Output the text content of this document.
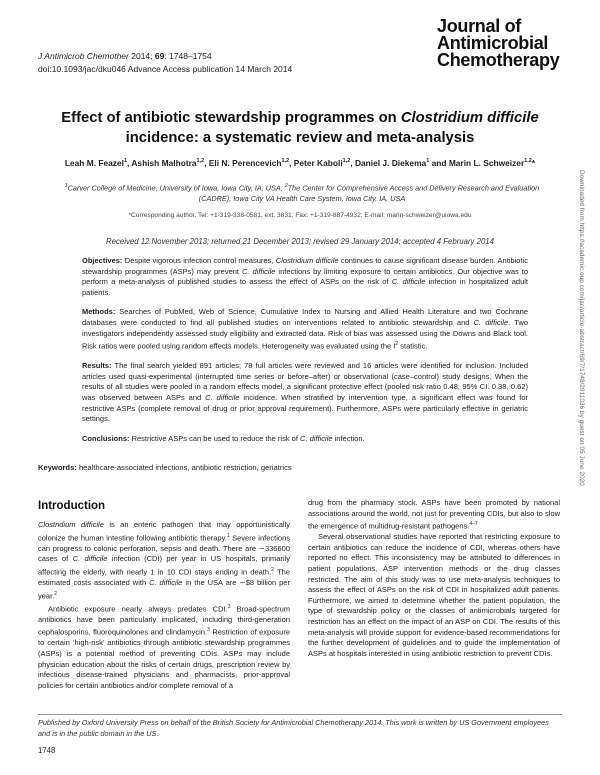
J Antimicrob Chemother 2014; 69: 1748–1754
doi:10.1093/jac/dku046 Advance Access publication 14 March 2014
Journal of
Antimicrobial
Chemotherapy
Downloaded from https://academic.oup.com/jac/article-abstract/69/7/1748/2911036 by guest on 05 June 2020
Effect of antibiotic stewardship programmes on Clostridium difficile incidence: a systematic review and meta-analysis
Leah M. Feazel$^1$, Ashish Malhotra$^{1,2}$, Eli N. Perencevich$^{1,2}$, Peter Kaboli$^{1,2}$, Daniel J. Diekema$^1$ and Marin L. Schweizer$^{1,2}$*
$^1$Carver College of Medicine, University of Iowa, Iowa City, IA, USA; $^2$The Center for Comprehensive Access and Delivery Research and Evaluation (CADRE), Iowa City VA Health Care System, Iowa City, IA, USA
*Corresponding author. Tel: +1-319-338-0581, ext. 3831; Fax: +1-319-887-4932; E-mail: marin-schweizer@uiowa.edu
Received 12 November 2013; returned 21 December 2013; revised 29 January 2014; accepted 4 February 2014

Objectives: Despite vigorous infection control measures, Clostridium difficile continues to cause significant disease burden. Antibiotic stewardship programmes (ASPs) may prevent C. difficile infections by limiting exposure to certain antibiotics. Our objective was to perform a meta-analysis of published studies to assess the effect of ASPs on the risk of C. difficile infection in hospitalized adult patients.

Methods: Searches of PubMed, Web of Science, Cumulative Index to Nursing and Allied Health Literature and two Cochrane databases were conducted to find all published studies on interventions related to antibiotic stewardship and C. difficile. Two investigators independently assessed study eligibility and extracted data. Risk of bias was assessed using the Downs and Black tool. Risk ratios were pooled using random effects models. Heterogeneity was evaluated using the $I^2$ statistic.

Results: The final search yielded 891 articles; 78 full articles were reviewed and 16 articles were identified for inclusion. Included articles used quasi-experimental (interrupted time series or before–after) or observational (case–control) study designs. When the results of all studies were pooled in a random effects model, a significant protective effect (pooled risk ratio 0.48; 95% CI: 0.38, 0.62) was observed between ASPs and C. difficile incidence. When stratified by intervention type, a significant effect was found for restrictive ASPs (complete removal of drug or prior approval requirement). Furthermore, ASPs were particularly effective in geriatric settings.

Conclusions: Restrictive ASPs can be used to reduce the risk of C. difficile infection.

Keywords: healthcare-associated infections, antibiotic restriction, geriatrics
Introduction

Clostridium difficile is an enteric pathogen that may opportunistically colonize the human intestine following antibiotic therapy.$^1$ Severe infections can progress to colonic perforation, sepsis and death. There are ∼336600 cases of C. difficile infection (CDI) per year in US hospitals, primarily affecting the elderly, with nearly 1 in 10 CDI stays ending in death.$^2$ The estimated costs associated with C. difficile in the USA are ∼$8 billion per year.$^2$

Antibiotic exposure nearly always predates CDI.$^3$ Broad-spectrum antibiotics have been particularly implicated, including third-generation cephalosporins, fluoroquinolones and clindamycin.$^3$ Restriction of exposure to certain ‘high-risk’ antibiotics through antibiotic stewardship programmes (ASPs) is a potential method of preventing CDIs. ASPs may include physician education about the risks of certain drugs, prescription review by infectious disease-trained physicians and pharmacists, prior-approval policies for certain antibiotics and/or complete removal of a

drug from the pharmacy stock. ASPs have been promoted by national associations around the world, not just for preventing CDIs, but also to slow the emergence of multidrug-resistant pathogens.$^{4-7}$

Several observational studies have reported that restricting exposure to certain antibiotics can reduce the incidence of CDI, whereas others have reported no effect. This inconsistency may be attributed to differences in patient populations, ASP intervention methods or the drug classes restricted. The aim of this study was to use meta-analysis techniques to assess the effect of ASPs on the risk of CDI in hospitalized adult patients. Furthermore, we aimed to determine whether the patient population, the type of stewardship policy or the classes of antimicrobials targeted for restriction has an effect on the impact of an ASP on CDI. The results of this meta-analysis will provide support for evidence-based recommendations for the further development of guidelines and to guide the implementation of ASPs at hospitals interested in using antibiotic restriction to prevent CDIs.

Published by Oxford University Press on behalf of the British Society for Antimicrobial Chemotherapy 2014. This work is written by US Government employees and is in the public domain in the US.
1748
